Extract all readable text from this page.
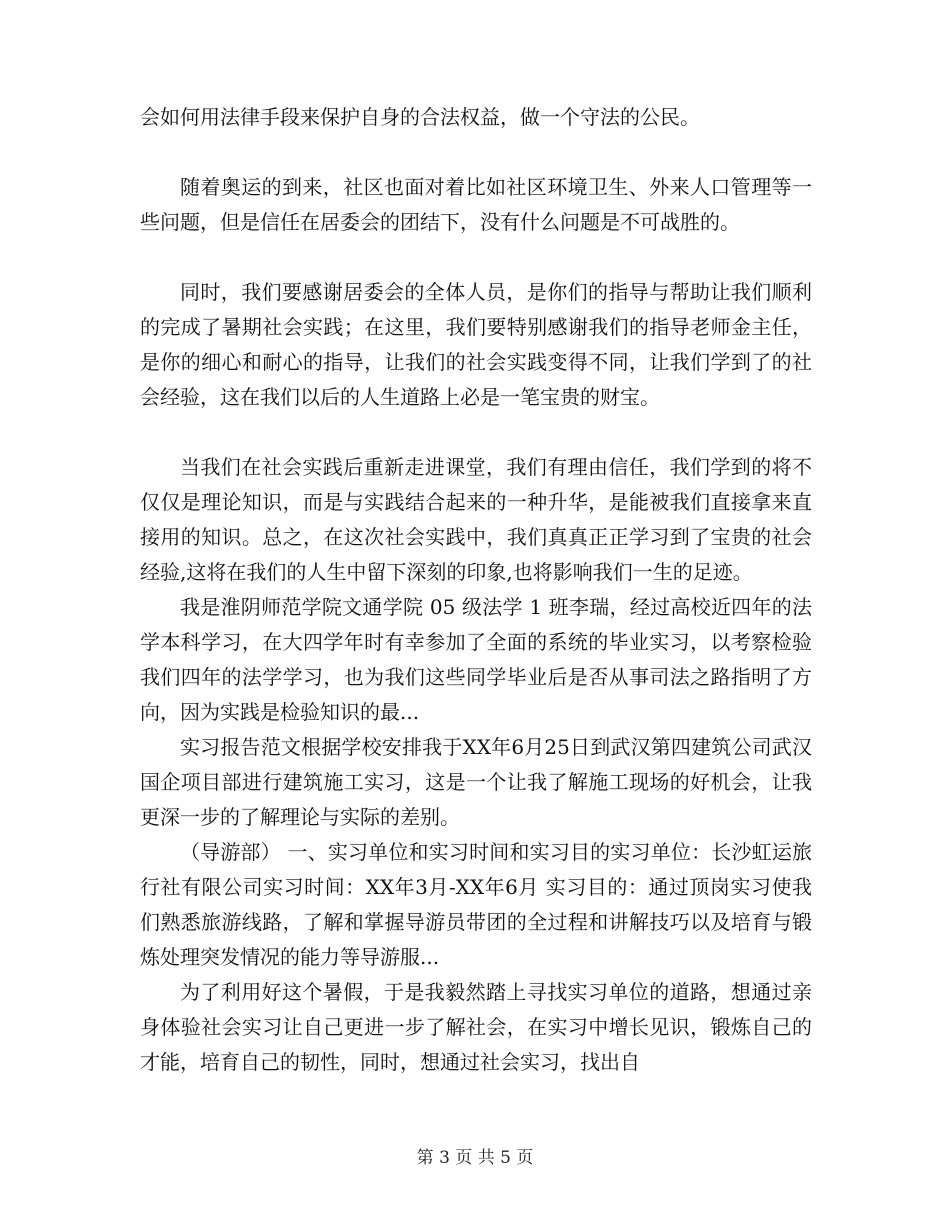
会如何用法律手段来保护自身的合法权益，做一个守法的公民。

随着奥运的到来，社区也面对着比如社区环境卫生、外来人口管理等一些问题，但是信任在居委会的团结下，没有什么问题是不可战胜的。

同时，我们要感谢居委会的全体人员，是你们的指导与帮助让我们顺利的完成了暑期社会实践；在这里，我们要特别感谢我们的指导老师金主任，是你的细心和耐心的指导，让我们的社会实践变得不同，让我们学到了的社会经验，这在我们以后的人生道路上必是一笔宝贵的财宝。

当我们在社会实践后重新走进课堂，我们有理由信任，我们学到的将不仅仅是理论知识，而是与实践结合起来的一种升华，是能被我们直接拿来直接用的知识。总之，在这次社会实践中，我们真真正正学习到了宝贵的社会经验,这将在我们的人生中留下深刻的印象,也将影响我们一生的足迹。

我是淮阴师范学院文通学院 05 级法学 1 班李瑞，经过高校近四年的法学本科学习，在大四学年时有幸参加了全面的系统的毕业实习，以考察检验我们四年的法学学习，也为我们这些同学毕业后是否从事司法之路指明了方向，因为实践是检验知识的最...

实习报告范文根据学校安排我于XX年6月25日到武汉第四建筑公司武汉国企项目部进行建筑施工实习，这是一个让我了解施工现场的好机会，让我更深一步的了解理论与实际的差别。

（导游部） 一、实习单位和实习时间和实习目的实习单位：长沙虹运旅行社有限公司实习时间：XX年3月-XX年6月 实习目的：通过顶岗实习使我们熟悉旅游线路，了解和掌握导游员带团的全过程和讲解技巧以及培育与锻炼处理突发情况的能力等导游服...

为了利用好这个暑假，于是我毅然踏上寻找实习单位的道路，想通过亲身体验社会实习让自己更进一步了解社会，在实习中增长见识，锻炼自己的才能，培育自己的韧性，同时，想通过社会实习，找出自

第 3 页 共 5 页
